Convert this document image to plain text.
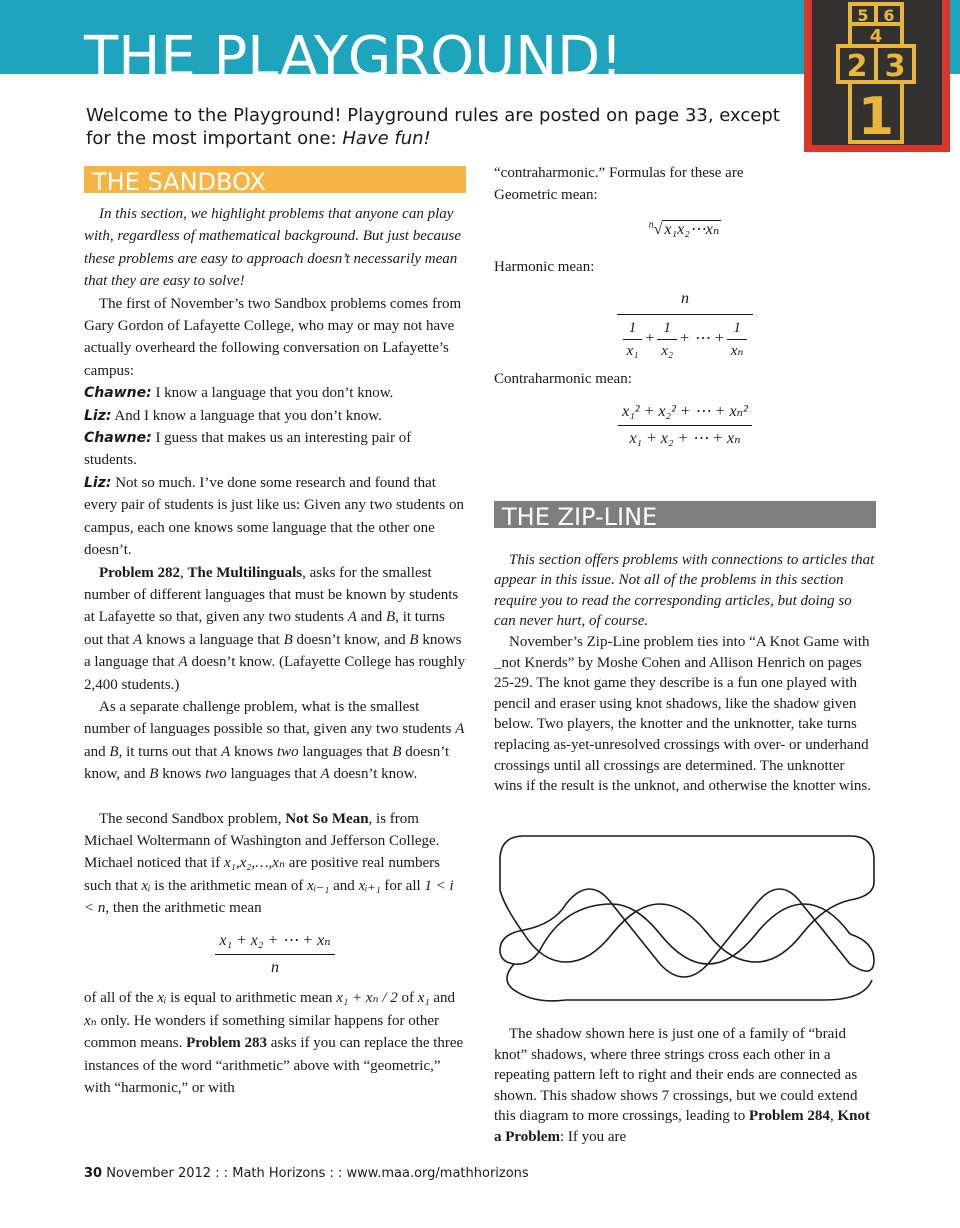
THE PLAYGROUND!
5 6
4
2 3
1
Welcome to the Playground! Playground rules are posted on page 33, except for the most important one: Have fun!
THE SANDBOX

In this section, we highlight problems that anyone can play with, regardless of mathematical background. But just because these problems are easy to approach doesn’t necessarily mean that they are easy to solve!

The first of November’s two Sandbox problems comes from Gary Gordon of Lafayette College, who may or may not have actually overheard the following conversation on Lafayette’s campus:

Chawne: I know a language that you don’t know.

Liz: And I know a language that you don’t know.

Chawne: I guess that makes us an interesting pair of students.

Liz: Not so much. I’ve done some research and found that every pair of students is just like us: Given any two students on campus, each one knows some language that the other one doesn’t.

Problem 282, The Multilinguals, asks for the smallest number of different languages that must be known by students at Lafayette so that, given any two students A and B, it turns out that A knows a language that B doesn’t know, and B knows a language that A doesn’t know. (Lafayette College has roughly 2,400 students.)

As a separate challenge problem, what is the smallest number of languages possible so that, given any two students A and B, it turns out that A knows two languages that B doesn’t know, and B knows two languages that A doesn’t know.

The second Sandbox problem, Not So Mean, is from Michael Woltermann of Washington and Jefferson College. Michael noticed that if x₁,x₂,…,xₙ are positive real numbers such that xᵢ is the arithmetic mean of xᵢ₋₁ and xᵢ₊₁ for all 1 < i < n, then the arithmetic mean

$\frac{\text{x₁ + x₂ + ⋯ + xₙ}}{n}$

of all of the xᵢ is equal to arithmetic mean x₁ + xₙ / 2 of x₁ and xₙ only. He wonders if something similar happens for other common means. Problem 283 asks if you can replace the three instances of the word “arithmetic” above with “geometric,” with “harmonic,” or with

“contraharmonic.” Formulas for these are

Geometric mean:

$^n$√ x₁x₂⋯xₙ

Harmonic mean:

$\frac{n}{\frac{1}{\text{x₁}} + \frac{1}{\text{x₂}} + \cdots + \frac{1}{\text{xₙ}}}$

Contraharmonic mean:

$\frac{\text{x₁² + x₂² + ⋯ + xₙ²}}{\text{x₁ + x₂ + ⋯ + xₙ}}$
THE ZIP-LINE

This section offers problems with connections to articles that appear in this issue. Not all of the problems in this section require you to read the corresponding articles, but doing so can never hurt, of course.

November’s Zip-Line problem ties into “A Knot Game with _not Knerds” by Moshe Cohen and Allison Henrich on pages 25-29. The knot game they describe is a fun one played with pencil and eraser using knot shadows, like the shadow given below. Two players, the knotter and the unknotter, take turns replacing as-yet-unresolved crossings with over- or underhand crossings until all crossings are determined. The unknotter wins if the result is the unknot, and otherwise the knotter wins.

The shadow shown here is just one of a family of “braid knot” shadows, where three strings cross each other in a repeating pattern left to right and their ends are connected as shown. This shadow shows 7 crossings, but we could extend this diagram to more crossings, leading to Problem 284, Knot a Problem: If you are

30 November 2012 : : Math Horizons : : www.maa.org/mathhorizons
